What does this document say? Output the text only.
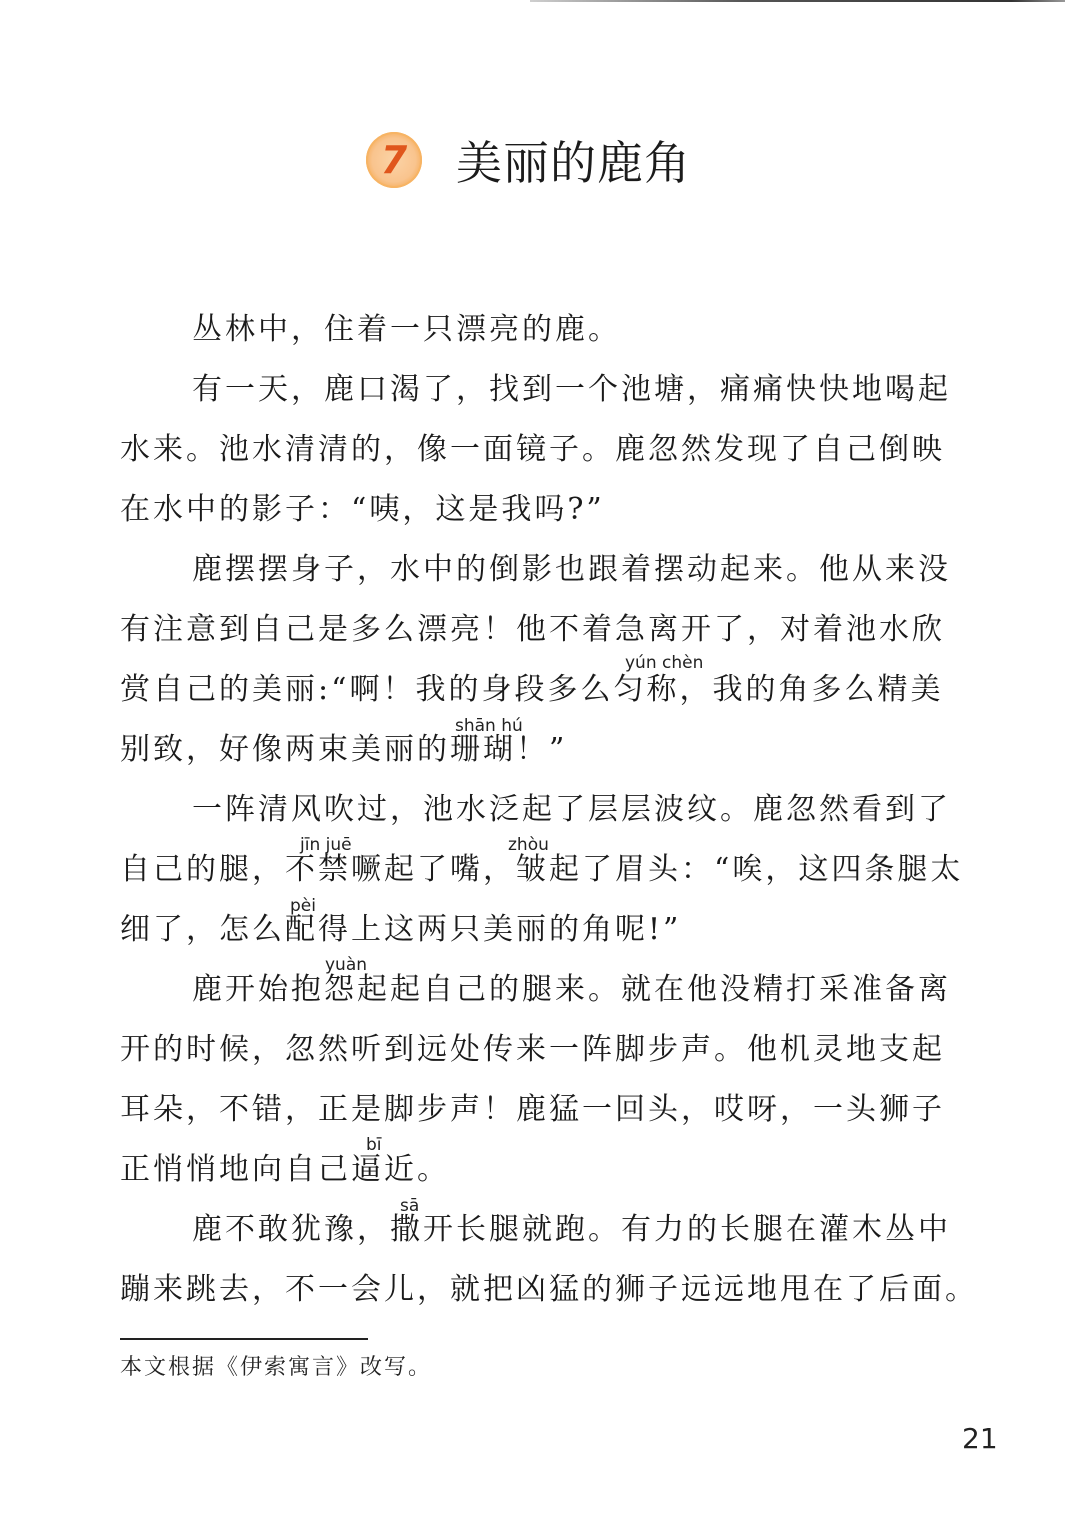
7 美丽的鹿角
丛林中，住着一只漂亮的鹿。
有一天，鹿口渴了，找到一个池塘，痛痛快快地喝起
水来。池水清清的，像一面镜子。鹿忽然发现了自己倒映
在水中的影子：“咦，这是我吗?”
鹿摆摆身子，水中的倒影也跟着摆动起来。他从来没
有注意到自己是多么漂亮！他不着急离开了，对着池水欣
赏自己的美丽:“啊！我的身段多么匀称，我的角多么精美
别致，好像两束美丽的珊瑚！”
一阵清风吹过，池水泛起了层层波纹。鹿忽然看到了
自己的腿，不禁噘起了嘴，皱起了眉头：“唉，这四条腿太
细了，怎么配得上这两只美丽的角呢!”
鹿开始抱怨起起自己的腿来。就在他没精打采准备离
开的时候，忽然听到远处传来一阵脚步声。他机灵地支起
耳朵，不错，正是脚步声！鹿猛一回头，哎呀，一头狮子
正悄悄地向自己逼近。
鹿不敢犹豫，撒开长腿就跑。有力的长腿在灌木丛中
蹦来跳去，不一会儿，就把凶猛的狮子远远地甩在了后面。
yún chèn
shān hú
jīn juē	zhòu
pèi
yuàn
bī
sā
本文根据《伊索寓言》改写。
21
